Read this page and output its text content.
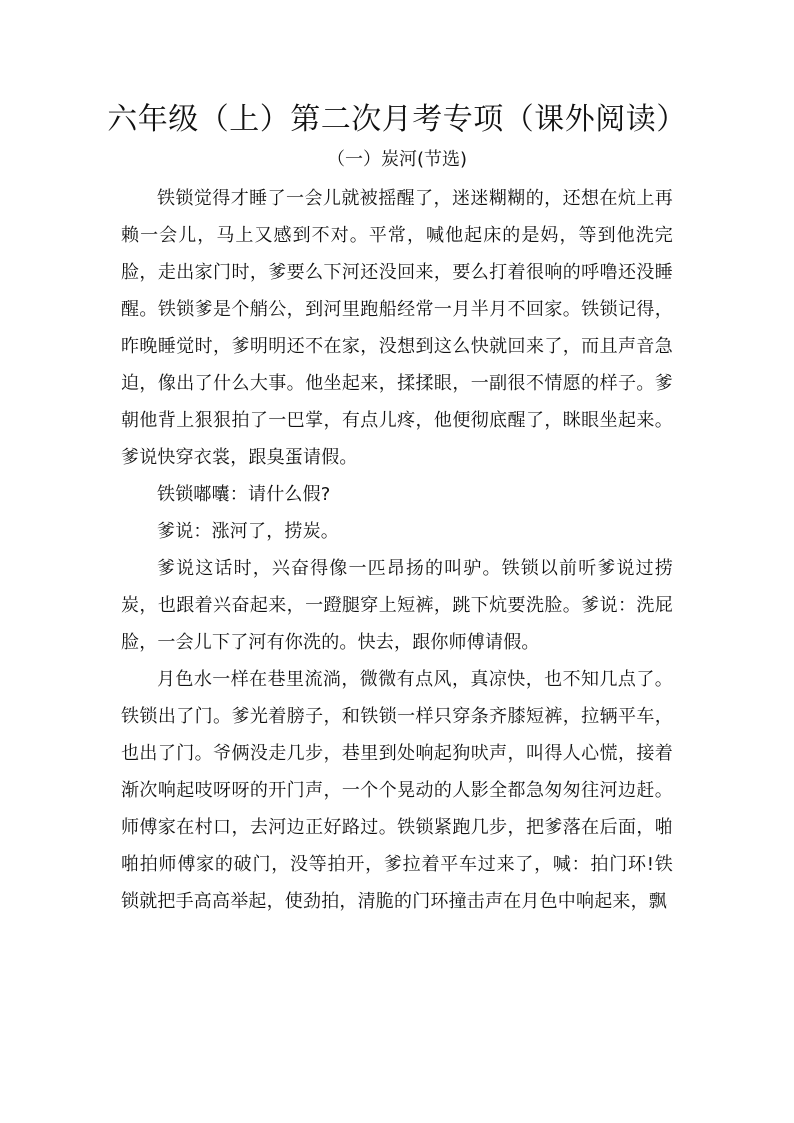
六年级（上）第二次月考专项（课外阅读）
（一）炭河(节选)

铁锁觉得才睡了一会儿就被摇醒了，迷迷糊糊的，还想在炕上再赖一会儿，马上又感到不对。平常，喊他起床的是妈，等到他洗完脸，走出家门时，爹要么下河还没回来，要么打着很响的呼噜还没睡醒。铁锁爹是个艄公，到河里跑船经常一月半月不回家。铁锁记得，昨晚睡觉时，爹明明还不在家，没想到这么快就回来了，而且声音急迫，像出了什么大事。他坐起来，揉揉眼，一副很不情愿的样子。爹朝他背上狠狠拍了一巴掌，有点儿疼，他便彻底醒了，眯眼坐起来。爹说快穿衣裳，跟臭蛋请假。

铁锁嘟囔：请什么假?

爹说：涨河了，捞炭。

爹说这话时，兴奋得像一匹昂扬的叫驴。铁锁以前听爹说过捞炭，也跟着兴奋起来，一蹬腿穿上短裤，跳下炕要洗脸。爹说：洗屁脸，一会儿下了河有你洗的。快去，跟你师傅请假。

月色水一样在巷里流淌，微微有点风，真凉快，也不知几点了。铁锁出了门。爹光着膀子，和铁锁一样只穿条齐膝短裤，拉辆平车，也出了门。爷俩没走几步，巷里到处响起狗吠声，叫得人心慌，接着渐次响起吱呀呀的开门声，一个个晃动的人影全都急匆匆往河边赶。师傅家在村口，去河边正好路过。铁锁紧跑几步，把爹落在后面，啪啪拍师傅家的破门，没等拍开，爹拉着平车过来了，喊：拍门环!铁锁就把手高高举起，使劲拍，清脆的门环撞击声在月色中响起来，飘
